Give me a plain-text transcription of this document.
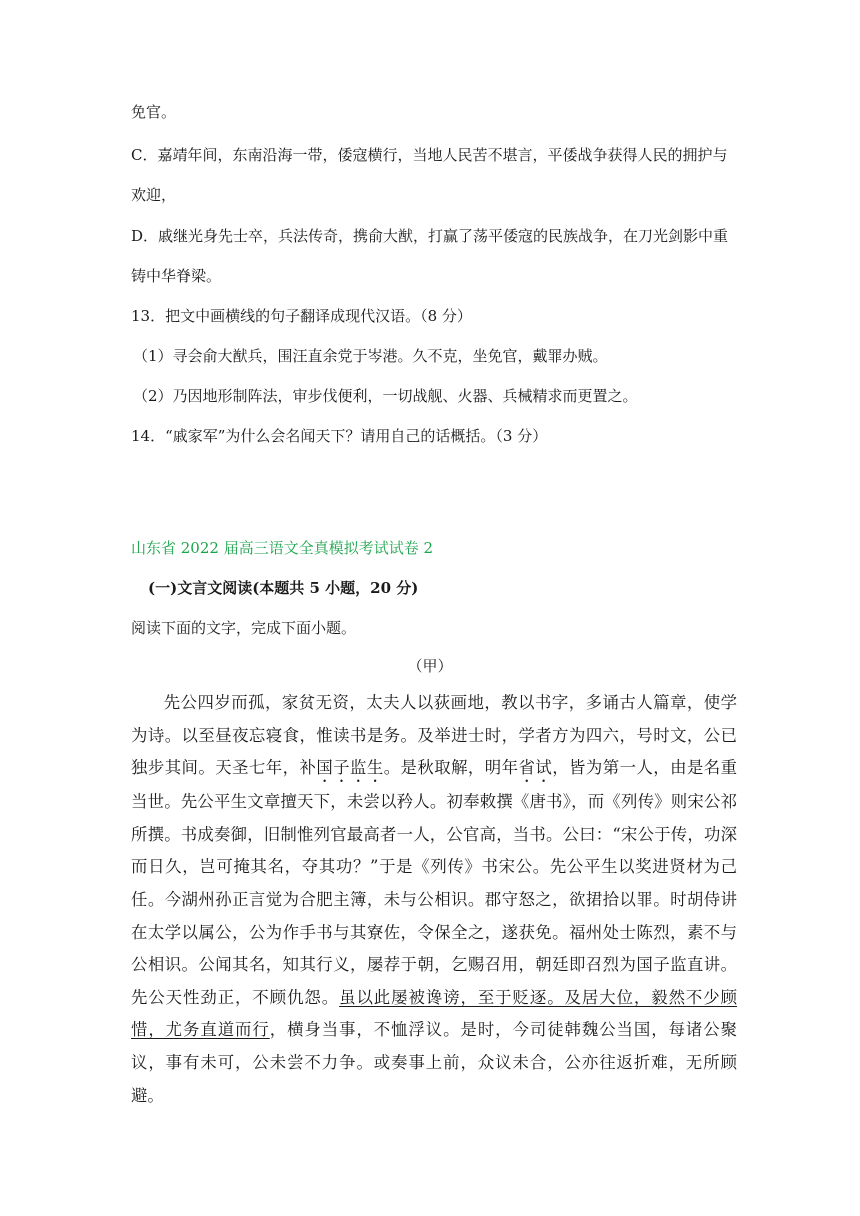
免官。
C．嘉靖年间，东南沿海一带，倭寇横行，当地人民苦不堪言，平倭战争获得人民的拥护与
欢迎，
D．戚继光身先士卒，兵法传奇，携俞大猷，打赢了荡平倭寇的民族战争，在刀光剑影中重
铸中华脊梁。
13．把文中画横线的句子翻译成现代汉语。（8 分）
（1）寻会俞大猷兵，围汪直余党于岑港。久不克，坐免官，戴罪办贼。
（2）乃因地形制阵法，审步伐便利，一切战舰、火器、兵械精求而更置之。
14．“戚家军”为什么会名闻天下？请用自己的话概括。（3 分）
山东省 2022 届高三语文全真模拟考试试卷 2
(一)文言文阅读(本题共 5 小题，20 分)
阅读下面的文字，完成下面小题。
（甲）
先公四岁而孤，家贫无资，太夫人以荻画地，教以书字，多诵古人篇章，使学为诗。以至昼夜忘寝食，惟读书是务。及举进士时，学者方为四六，号时文，公已独步其间。天圣七年，补国子监生。是秋取解，明年省试，皆为第一人，由是名重当世。先公平生文章擅天下，未尝以矜人。初奉敕撰《唐书》，而《列传》则宋公祁所撰。书成奏御，旧制惟列官最高者一人，公官高，当书。公曰：“宋公于传，功深而日久，岂可掩其名，夺其功？”于是《列传》书宋公。先公平生以奖进贤材为己任。今湖州孙正言觉为合肥主簿，未与公相识。郡守怒之，欲捃拾以罪。时胡侍讲在太学以属公，公为作手书与其寮佐，令保全之，遂获免。福州处士陈烈，素不与公相识。公闻其名，知其行义，屡荐于朝，乞赐召用，朝廷即召烈为国子监直讲。先公天性劲正，不顾仇怨。虽以此屡被谗谤，至于贬逐。及居大位，毅然不少顾惜，尤务直道而行，横身当事，不恤浮议。是时，今司徒韩魏公当国，每诸公聚议，事有未可，公未尝不力争。或奏事上前，众议未合，公亦往返折难，无所顾避。
